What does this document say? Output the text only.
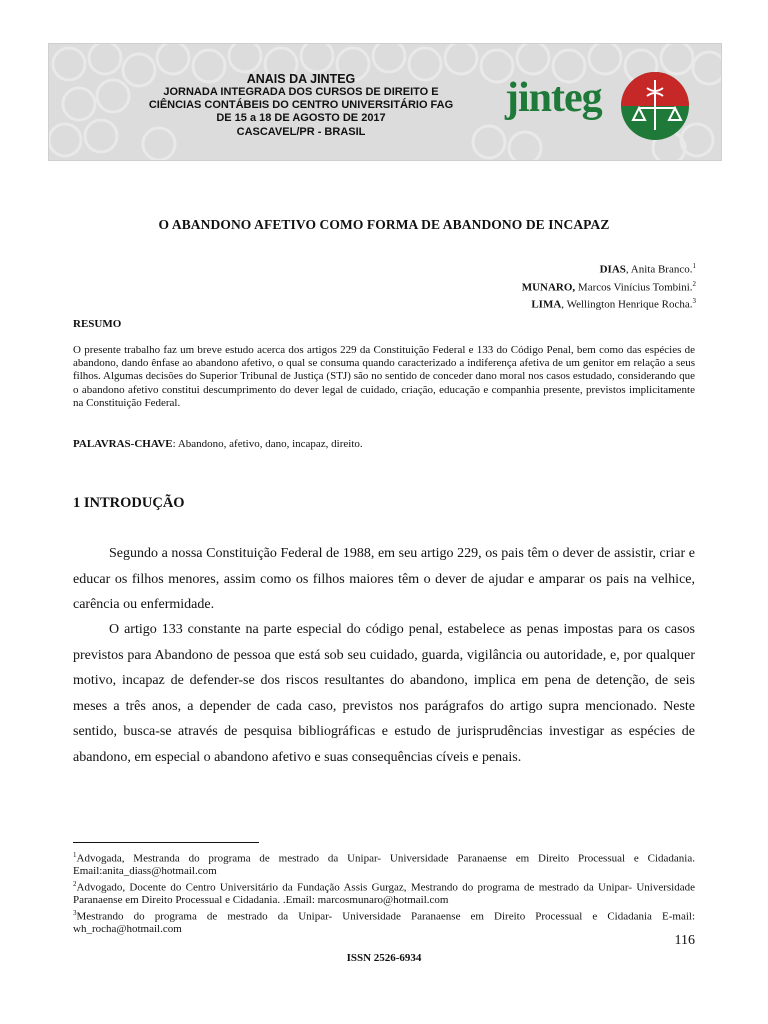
ANAIS DA JINTEG
JORNADA INTEGRADA DOS CURSOS DE DIREITO E
CIÊNCIAS CONTÁBEIS DO CENTRO UNIVERSITÁRIO FAG
DE 15 a 18 DE AGOSTO DE 2017
CASCAVEL/PR - BRASIL
jinteg
O ABANDONO AFETIVO COMO FORMA DE ABANDONO DE INCAPAZ
DIAS, Anita Branco.$^1$
MUNARO, Marcos Vinícius Tombini.$^2$
LIMA, Wellington Henrique Rocha.$^3$
RESUMO
O presente trabalho faz um breve estudo acerca dos artigos 229 da Constituição Federal e 133 do Código Penal, bem como das espécies de abandono, dando ênfase ao abandono afetivo, o qual se consuma quando caracterizado a indiferença afetiva de um genitor em relação a seus filhos. Algumas decisões do Superior Tribunal de Justiça (STJ) são no sentido de conceder dano moral nos casos estudado, considerando que o abandono afetivo constitui descumprimento do dever legal de cuidado, criação, educação e companhia presente, previstos implicitamente na Constituição Federal.
PALAVRAS-CHAVE: Abandono, afetivo, dano, incapaz, direito.
1 INTRODUÇÃO
Segundo a nossa Constituição Federal de 1988, em seu artigo 229, os pais têm o dever de assistir, criar e educar os filhos menores, assim como os filhos maiores têm o dever de ajudar e amparar os pais na velhice, carência ou enfermidade.
O artigo 133 constante na parte especial do código penal, estabelece as penas impostas para os casos previstos para Abandono de pessoa que está sob seu cuidado, guarda, vigilância ou autoridade, e, por qualquer motivo, incapaz de defender-se dos riscos resultantes do abandono, implica em pena de detenção, de seis meses a três anos, a depender de cada caso, previstos nos parágrafos do artigo supra mencionado. Neste sentido, busca-se através de pesquisa bibliográficas e estudo de jurisprudências investigar as espécies de abandono, em especial o abandono afetivo e suas consequências cíveis e penais.
$^1$Advogada, Mestranda do programa de mestrado da Unipar- Universidade Paranaense em Direito Processual e Cidadania. Email:anita_diass@hotmail.com
$^2$Advogado, Docente do Centro Universitário da Fundação Assis Gurgaz, Mestrando do programa de mestrado da Unipar- Universidade Paranaense em Direito Processual e Cidadania. .Email: marcosmunaro@hotmail.com
$^3$Mestrando do programa de mestrado da Unipar- Universidade Paranaense em Direito Processual e Cidadania E-mail: wh_rocha@hotmail.com
116
ISSN 2526-6934
